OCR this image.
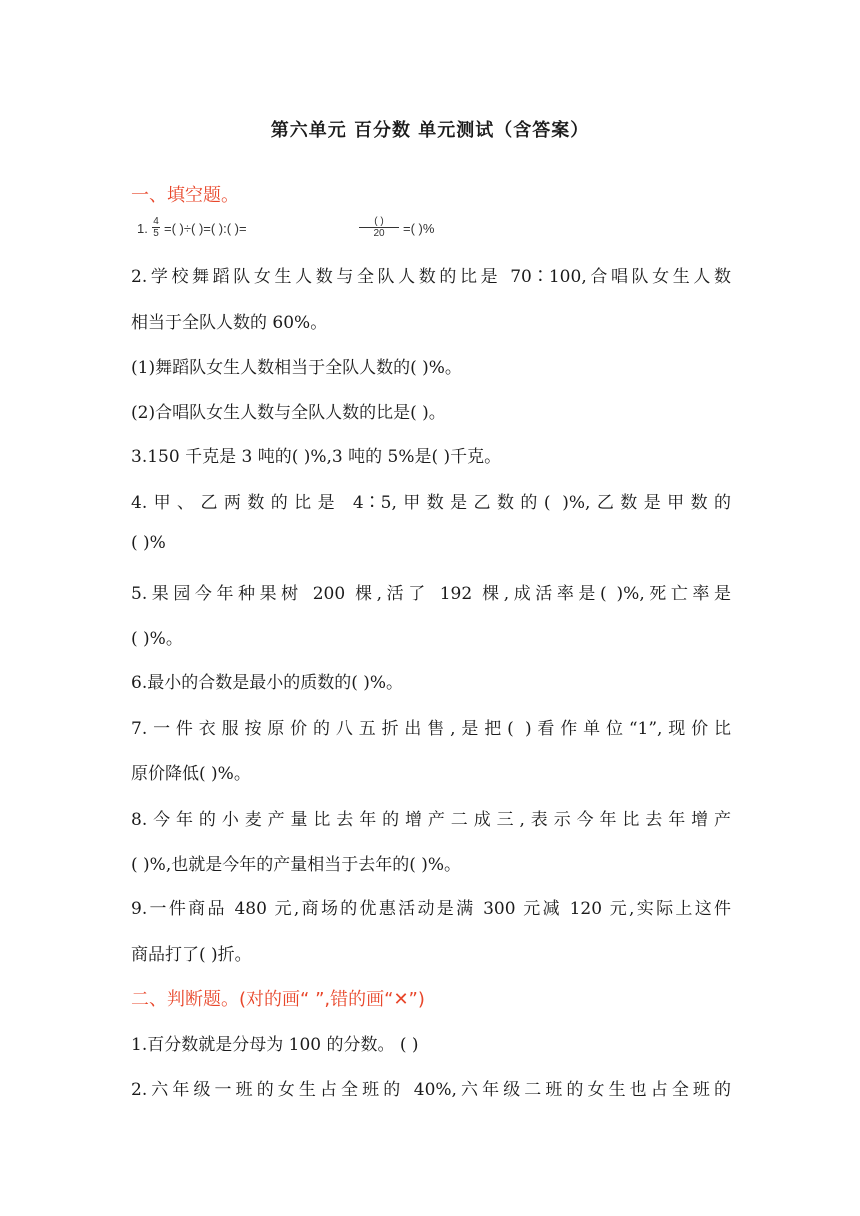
第六单元 百分数 单元测试（含答案）
一、填空题。
1. $\frac{4}{5}$ =( )÷( )=( ):( )=	( )
20	=( )%
2.学校舞蹈队女生人数与全队人数的比是 70∶100,合唱队女生人数
相当于全队人数的 60%。
(1)舞蹈队女生人数相当于全队人数的( )%。
(2)合唱队女生人数与全队人数的比是( )。
3.150 千克是 3 吨的( )%,3 吨的 5%是( )千克。
4.甲、乙两数的比是 4∶5,甲数是乙数的( )%,乙数是甲数的
( )%
5.果园今年种果树 200 棵,活了 192 棵,成活率是( )%,死亡率是
( )%。
6.最小的合数是最小的质数的( )%。
7.一件衣服按原价的八五折出售,是把( )看作单位“1”,现价比
原价降低( )%。
8.今年的小麦产量比去年的增产二成三,表示今年比去年增产
( )%,也就是今年的产量相当于去年的( )%。
9.一件商品 480 元,商场的优惠活动是满 300 元减 120 元,实际上这件
商品打了( )折。
二、判断题。(对的画“ ”,错的画“✕”)
1.百分数就是分母为 100 的分数。 ( )
2.六年级一班的女生占全班的 40%,六年级二班的女生也占全班的
